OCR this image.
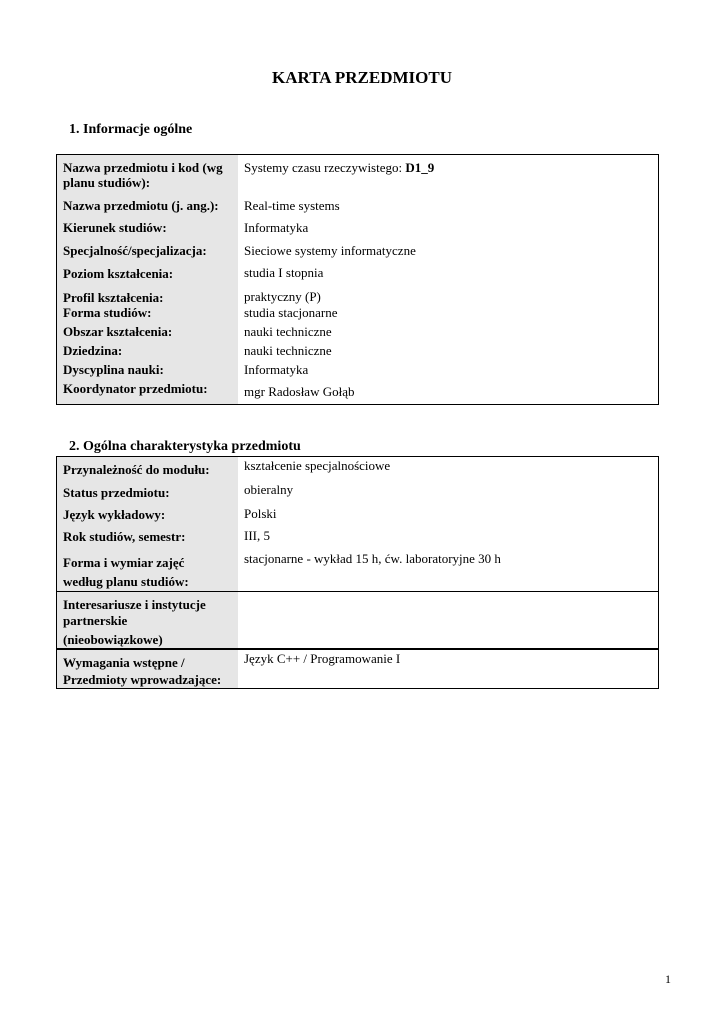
KARTA PRZEDMIOTU
1. Informacje ogólne
Nazwa przedmiotu i kod (wg planu studiów):	Systemy czasu rzeczywistego: D1_9
Nazwa przedmiotu (j. ang.):	Real-time systems
Kierunek studiów:	Informatyka
Specjalność/specjalizacja:	Sieciowe systemy informatyczne
Poziom kształcenia:	studia I stopnia
Profil kształcenia:	praktyczny (P)
Forma studiów:	studia stacjonarne
Obszar kształcenia:	nauki techniczne
Dziedzina:	nauki techniczne
Dyscyplina nauki:	Informatyka
Koordynator przedmiotu:	mgr Radosław Gołąb
2. Ogólna charakterystyka przedmiotu
Przynależność do modułu:	kształcenie specjalnościowe
Status przedmiotu:	obieralny
Język wykładowy:	Polski
Rok studiów, semestr:	III, 5
Forma i wymiar zajęć
według planu studiów:	stacjonarne - wykład 15 h, ćw. laboratoryjne 30 h
Interesariusze i instytucje partnerskie
(nieobowiązkowe)	
Wymagania wstępne / Przedmioty wprowadzające:	Język C++ / Programowanie I
1
